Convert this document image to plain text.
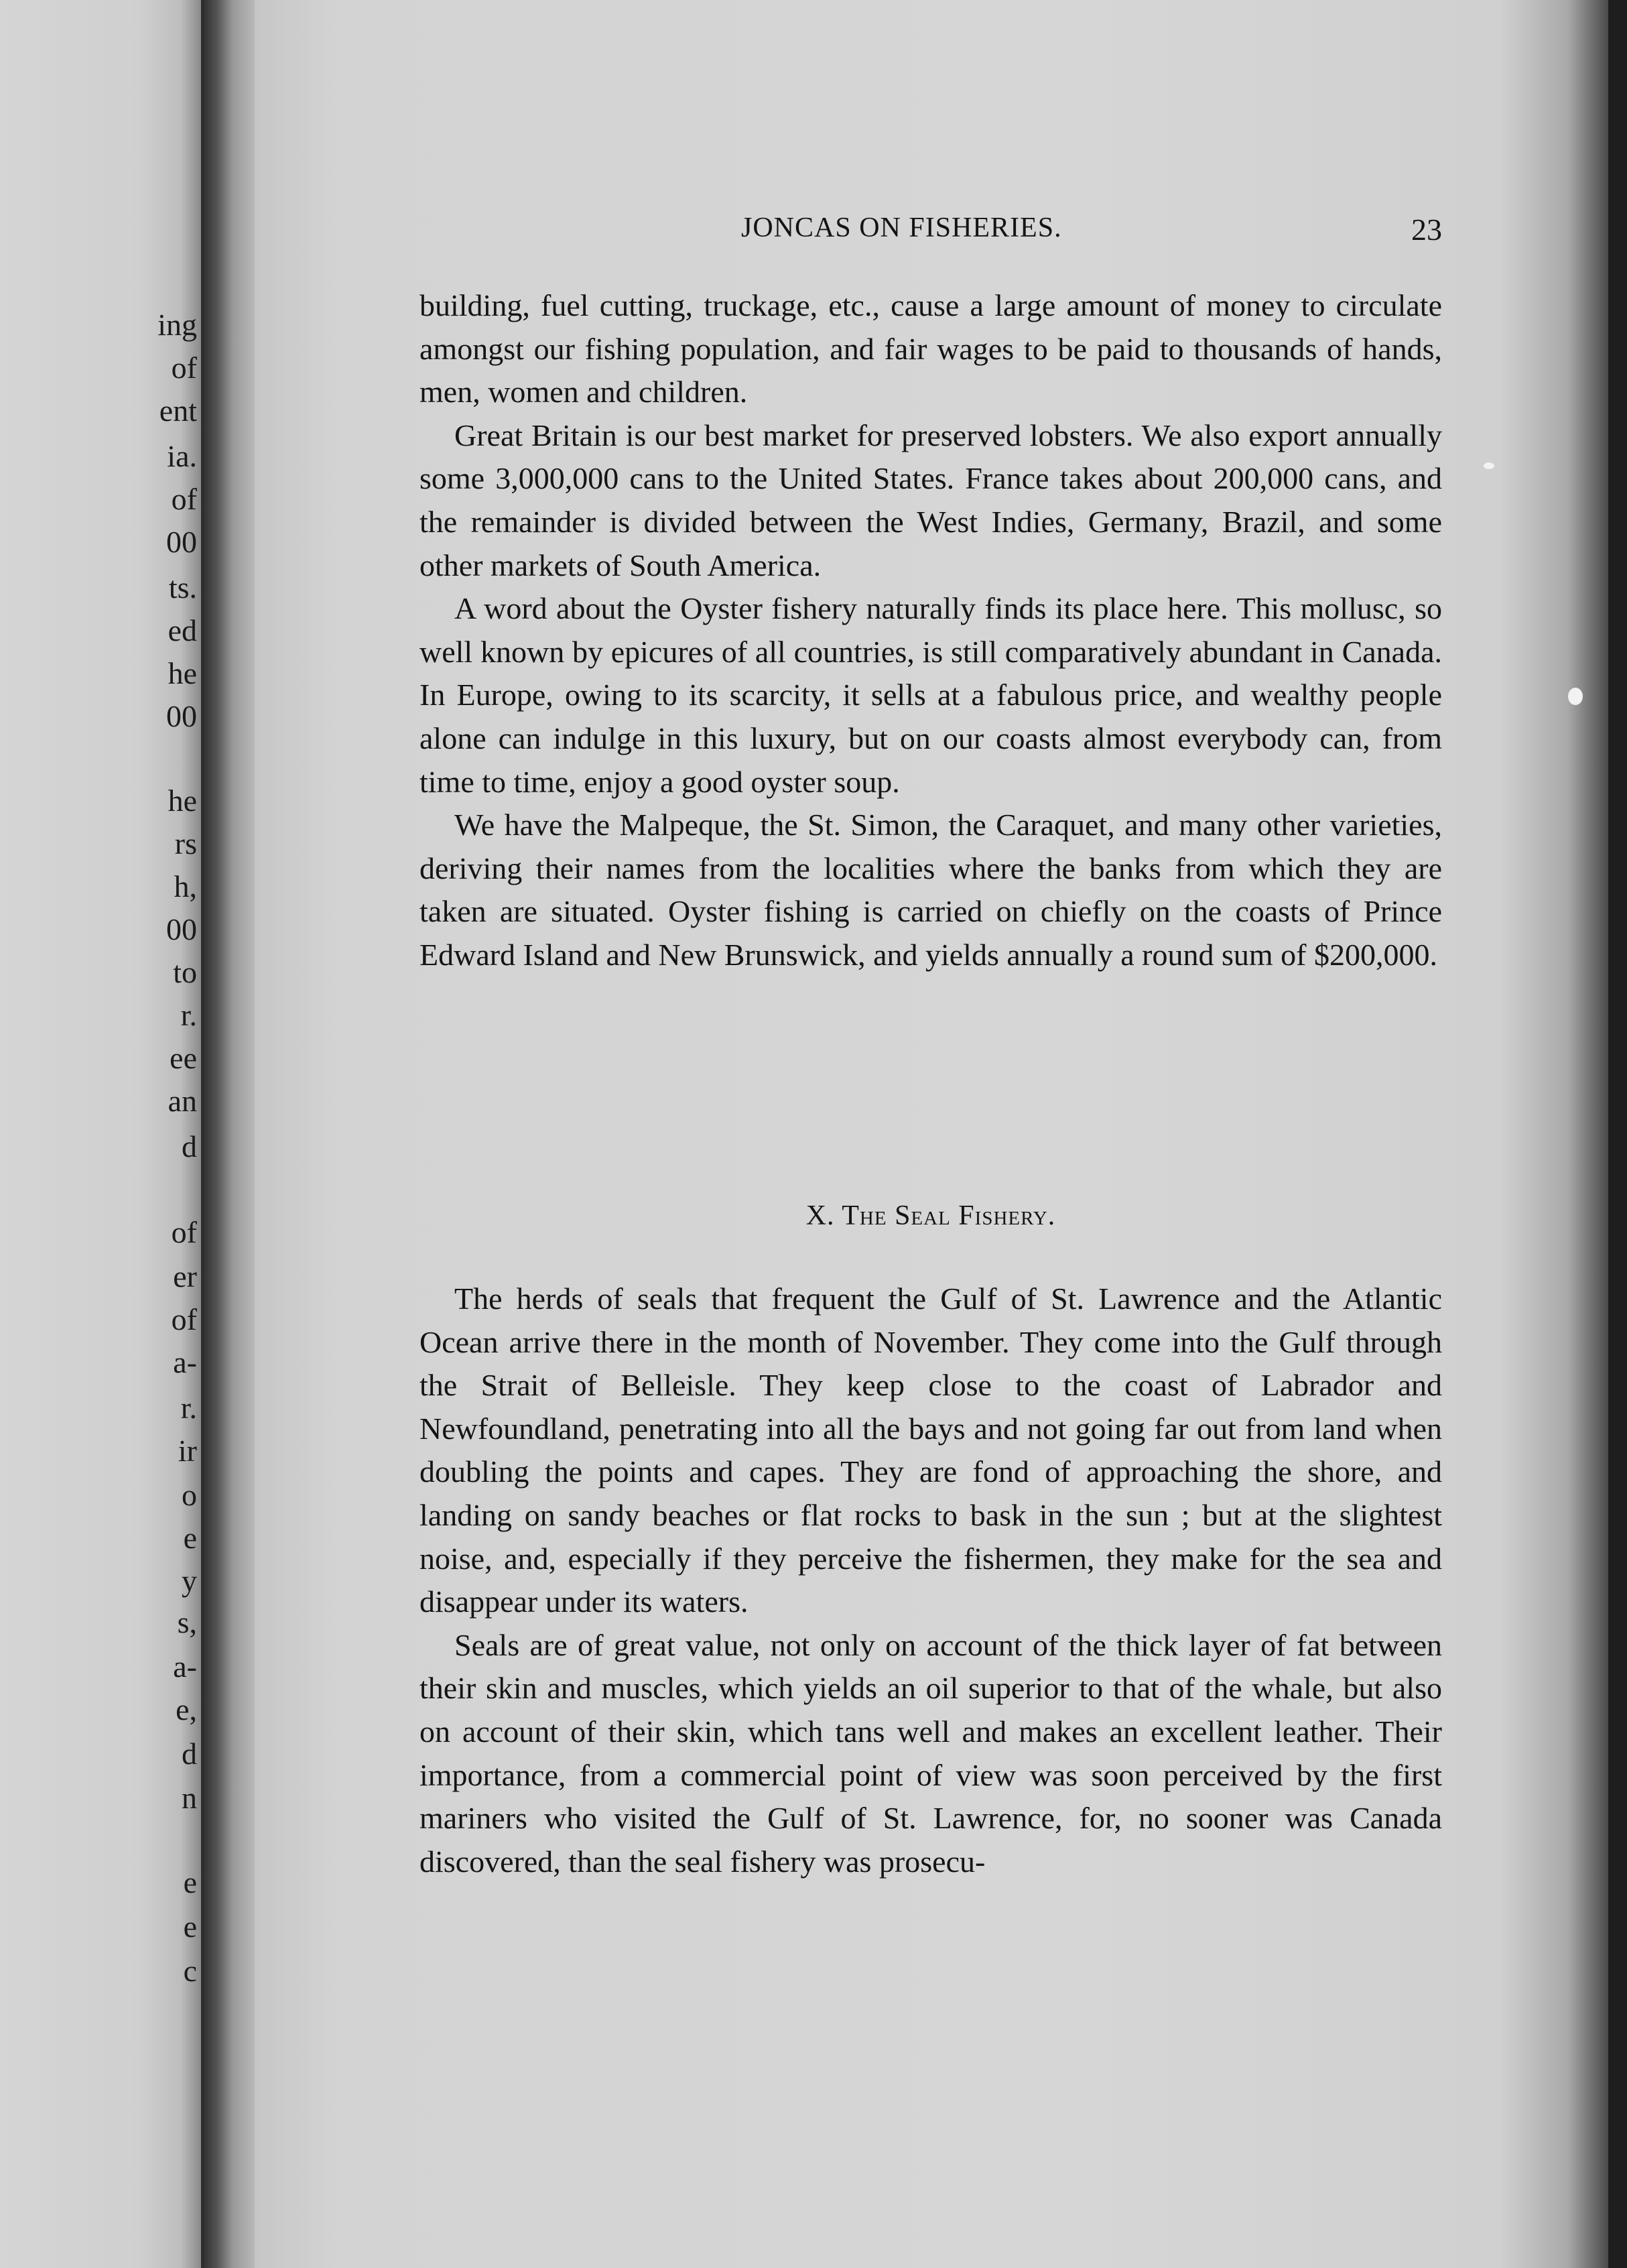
ing
of
ent
ia.
of
00
ts.
ed
he
00
he
rs
h,
00
to
r.
ee
an
d
of
er
of
a-
r.
ir
o
e
y
s,
a-
e,
d
n
e
e
c
JONCAS ON FISHERIES.	23

building, fuel cutting, truckage, etc., cause a large amount of money to circulate amongst our fishing population, and fair wages to be paid to thousands of hands, men, women and children.

Great Britain is our best market for preserved lobsters. We also export annually some 3,000,000 cans to the United States. France takes about 200,000 cans, and the remainder is divided between the West Indies, Germany, Brazil, and some other markets of South America.

A word about the Oyster fishery naturally finds its place here. This mollusc, so well known by epicures of all countries, is still comparatively abundant in Canada. In Europe, owing to its scarcity, it sells at a fabulous price, and wealthy people alone can indulge in this luxury, but on our coasts almost everybody can, from time to time, enjoy a good oyster soup.

We have the Malpeque, the St. Simon, the Caraquet, and many other varieties, deriving their names from the localities where the banks from which they are taken are situated. Oyster fishing is carried on chiefly on the coasts of Prince Edward Island and New Brunswick, and yields annually a round sum of $200,000.

X. The Seal Fishery.

The herds of seals that frequent the Gulf of St. Lawrence and the Atlantic Ocean arrive there in the month of November. They come into the Gulf through the Strait of Belleisle. They keep close to the coast of Labrador and Newfoundland, penetrating into all the bays and not going far out from land when doubling the points and capes. They are fond of approaching the shore, and landing on sandy beaches or flat rocks to bask in the sun ; but at the slightest noise, and, especially if they perceive the fishermen, they make for the sea and disappear under its waters.

Seals are of great value, not only on account of the thick layer of fat between their skin and muscles, which yields an oil superior to that of the whale, but also on account of their skin, which tans well and makes an excellent leather. Their importance, from a commercial point of view was soon perceived by the first mariners who visited the Gulf of St. Lawrence, for, no sooner was Canada discovered, than the seal fishery was prosecu-
